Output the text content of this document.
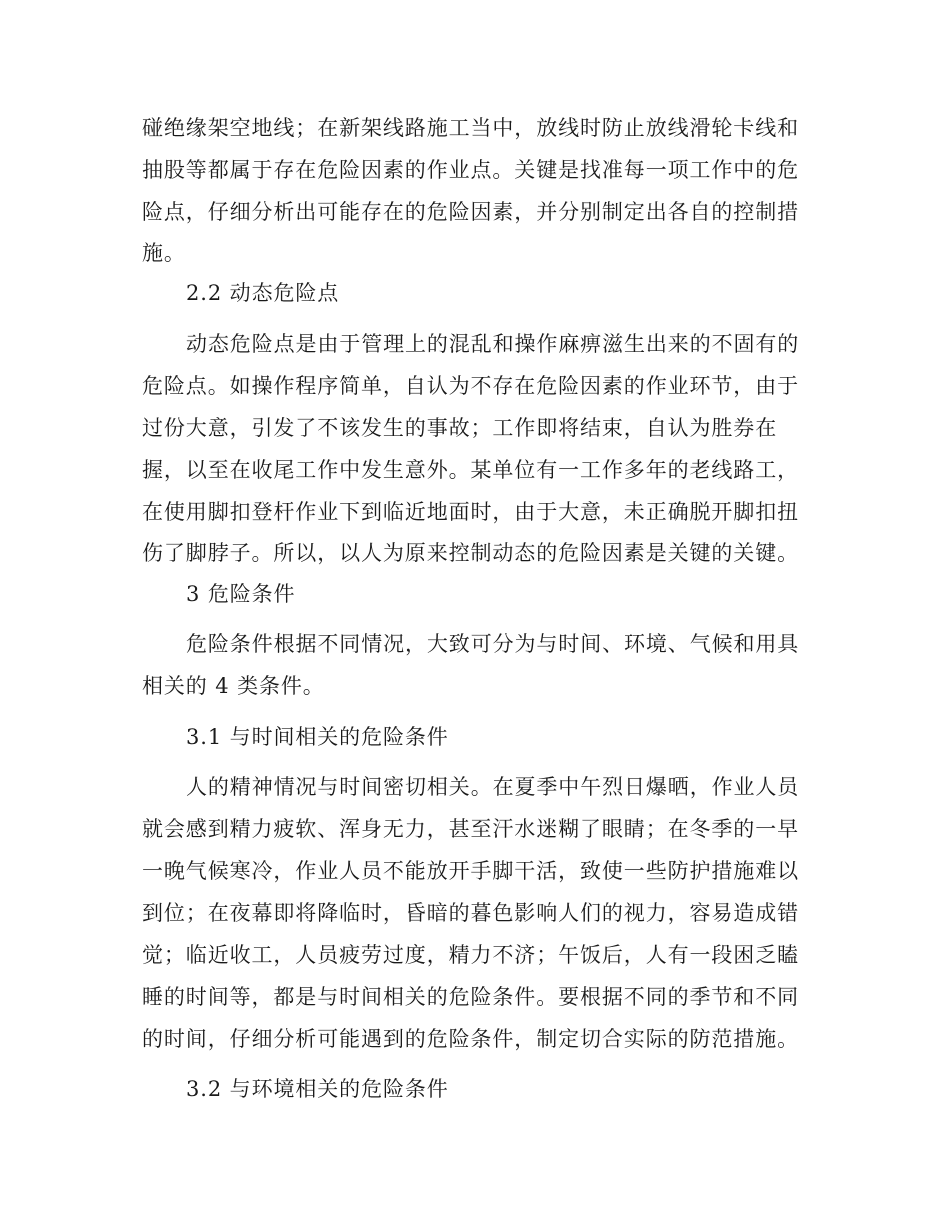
碰绝缘架空地线；在新架线路施工当中，放线时防止放线滑轮卡线和
抽股等都属于存在危险因素的作业点。关键是找准每一项工作中的危
险点，仔细分析出可能存在的危险因素，并分别制定出各自的控制措
施。
2.2 动态危险点
动态危险点是由于管理上的混乱和操作麻痹滋生出来的不固有的
危险点。如操作程序简单，自认为不存在危险因素的作业环节，由于
过份大意，引发了不该发生的事故；工作即将结束，自认为胜券在
握，以至在收尾工作中发生意外。某单位有一工作多年的老线路工，
在使用脚扣登杆作业下到临近地面时，由于大意，未正确脱开脚扣扭
伤了脚脖子。所以，以人为原来控制动态的危险因素是关键的关键。
3 危险条件
危险条件根据不同情况，大致可分为与时间、环境、气候和用具
相关的 4 类条件。
3.1 与时间相关的危险条件
人的精神情况与时间密切相关。在夏季中午烈日爆晒，作业人员
就会感到精力疲软、浑身无力，甚至汗水迷糊了眼睛；在冬季的一早
一晚气候寒冷，作业人员不能放开手脚干活，致使一些防护措施难以
到位；在夜幕即将降临时，昏暗的暮色影响人们的视力，容易造成错
觉；临近收工，人员疲劳过度，精力不济；午饭后，人有一段困乏瞌
睡的时间等，都是与时间相关的危险条件。要根据不同的季节和不同
的时间，仔细分析可能遇到的危险条件，制定切合实际的防范措施。
3.2 与环境相关的危险条件
